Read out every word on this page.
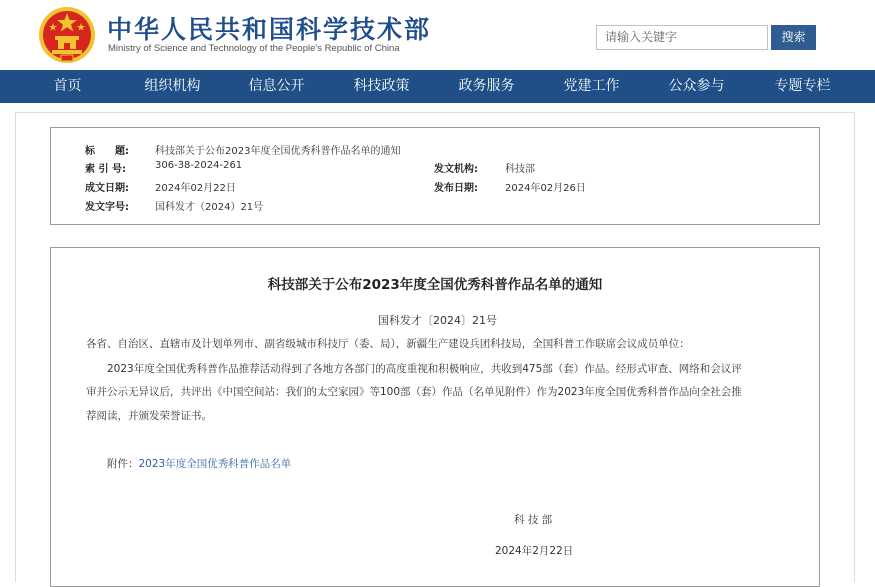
中华人民共和国科学技术部
Ministry of Science and Technology of the People's Republic of China
请输入关键字	搜索
首页	组织机构	信息公开	科技政策	政务服务	党建工作	公众参与	专题专栏
标　　题:	科技部关于公布2023年度全国优秀科普作品名单的通知
索 引 号:	306-38-2024-261	发文机构:	科技部
成文日期:	2024年02月22日	发布日期:	2024年02月26日
发文字号:	国科发才（2024）21号
科技部关于公布2023年度全国优秀科普作品名单的通知
国科发才〔2024〕21号
各省、自治区、直辖市及计划单列市、副省级城市科技厅（委、局），新疆生产建设兵团科技局，全国科普工作联席会议成员单位：
2023年度全国优秀科普作品推荐活动得到了各地方各部门的高度重视和积极响应，共收到475部（套）作品。经形式审查、网络和会议评
审并公示无异议后，共评出《中国空间站：我们的太空家园》等100部（套）作品（名单见附件）作为2023年度全国优秀科普作品向全社会推
荐阅读，并颁发荣誉证书。
附件：2023年度全国优秀科普作品名单
科 技 部
2024年2月22日
